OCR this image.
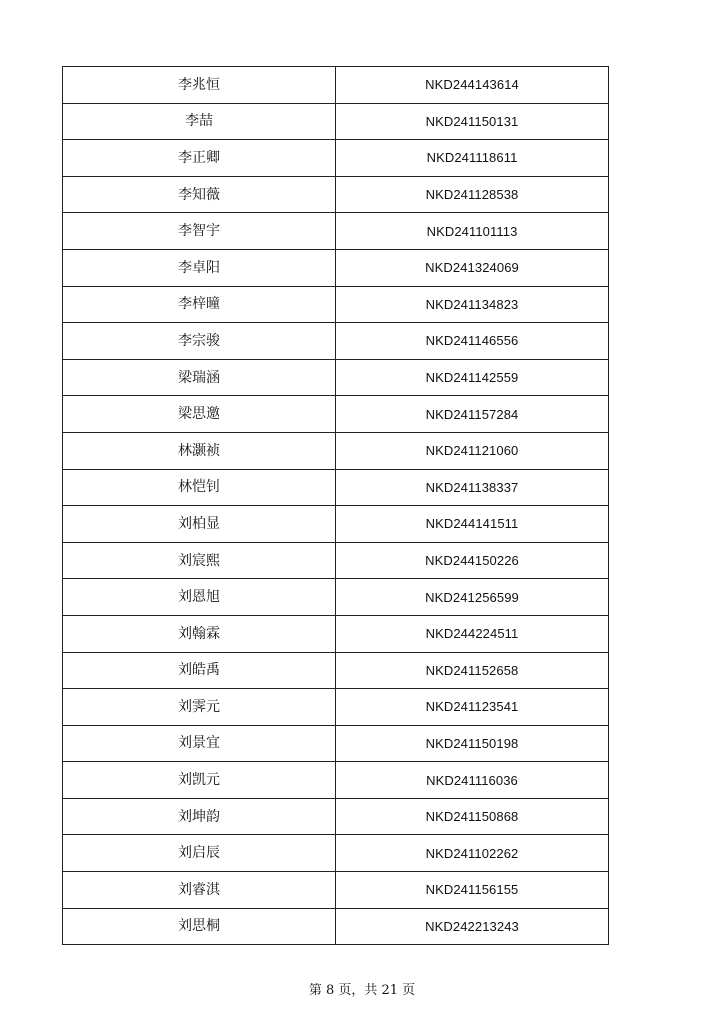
李兆恒	NKD244143614
李喆	NKD241150131
李正卿	NKD241118611
李知薇	NKD241128538
李智宇	NKD241101113
李卓阳	NKD241324069
李梓曈	NKD241134823
李宗骏	NKD241146556
梁瑞涵	NKD241142559
梁思邀	NKD241157284
林灏祯	NKD241121060
林恺钊	NKD241138337
刘柏显	NKD244141511
刘宸熙	NKD244150226
刘恩旭	NKD241256599
刘翰霖	NKD244224511
刘皓禹	NKD241152658
刘霁元	NKD241123541
刘景宜	NKD241150198
刘凯元	NKD241116036
刘坤韵	NKD241150868
刘启辰	NKD241102262
刘睿淇	NKD241156155
刘思桐	NKD242213243
第 8 页，共 21 页
